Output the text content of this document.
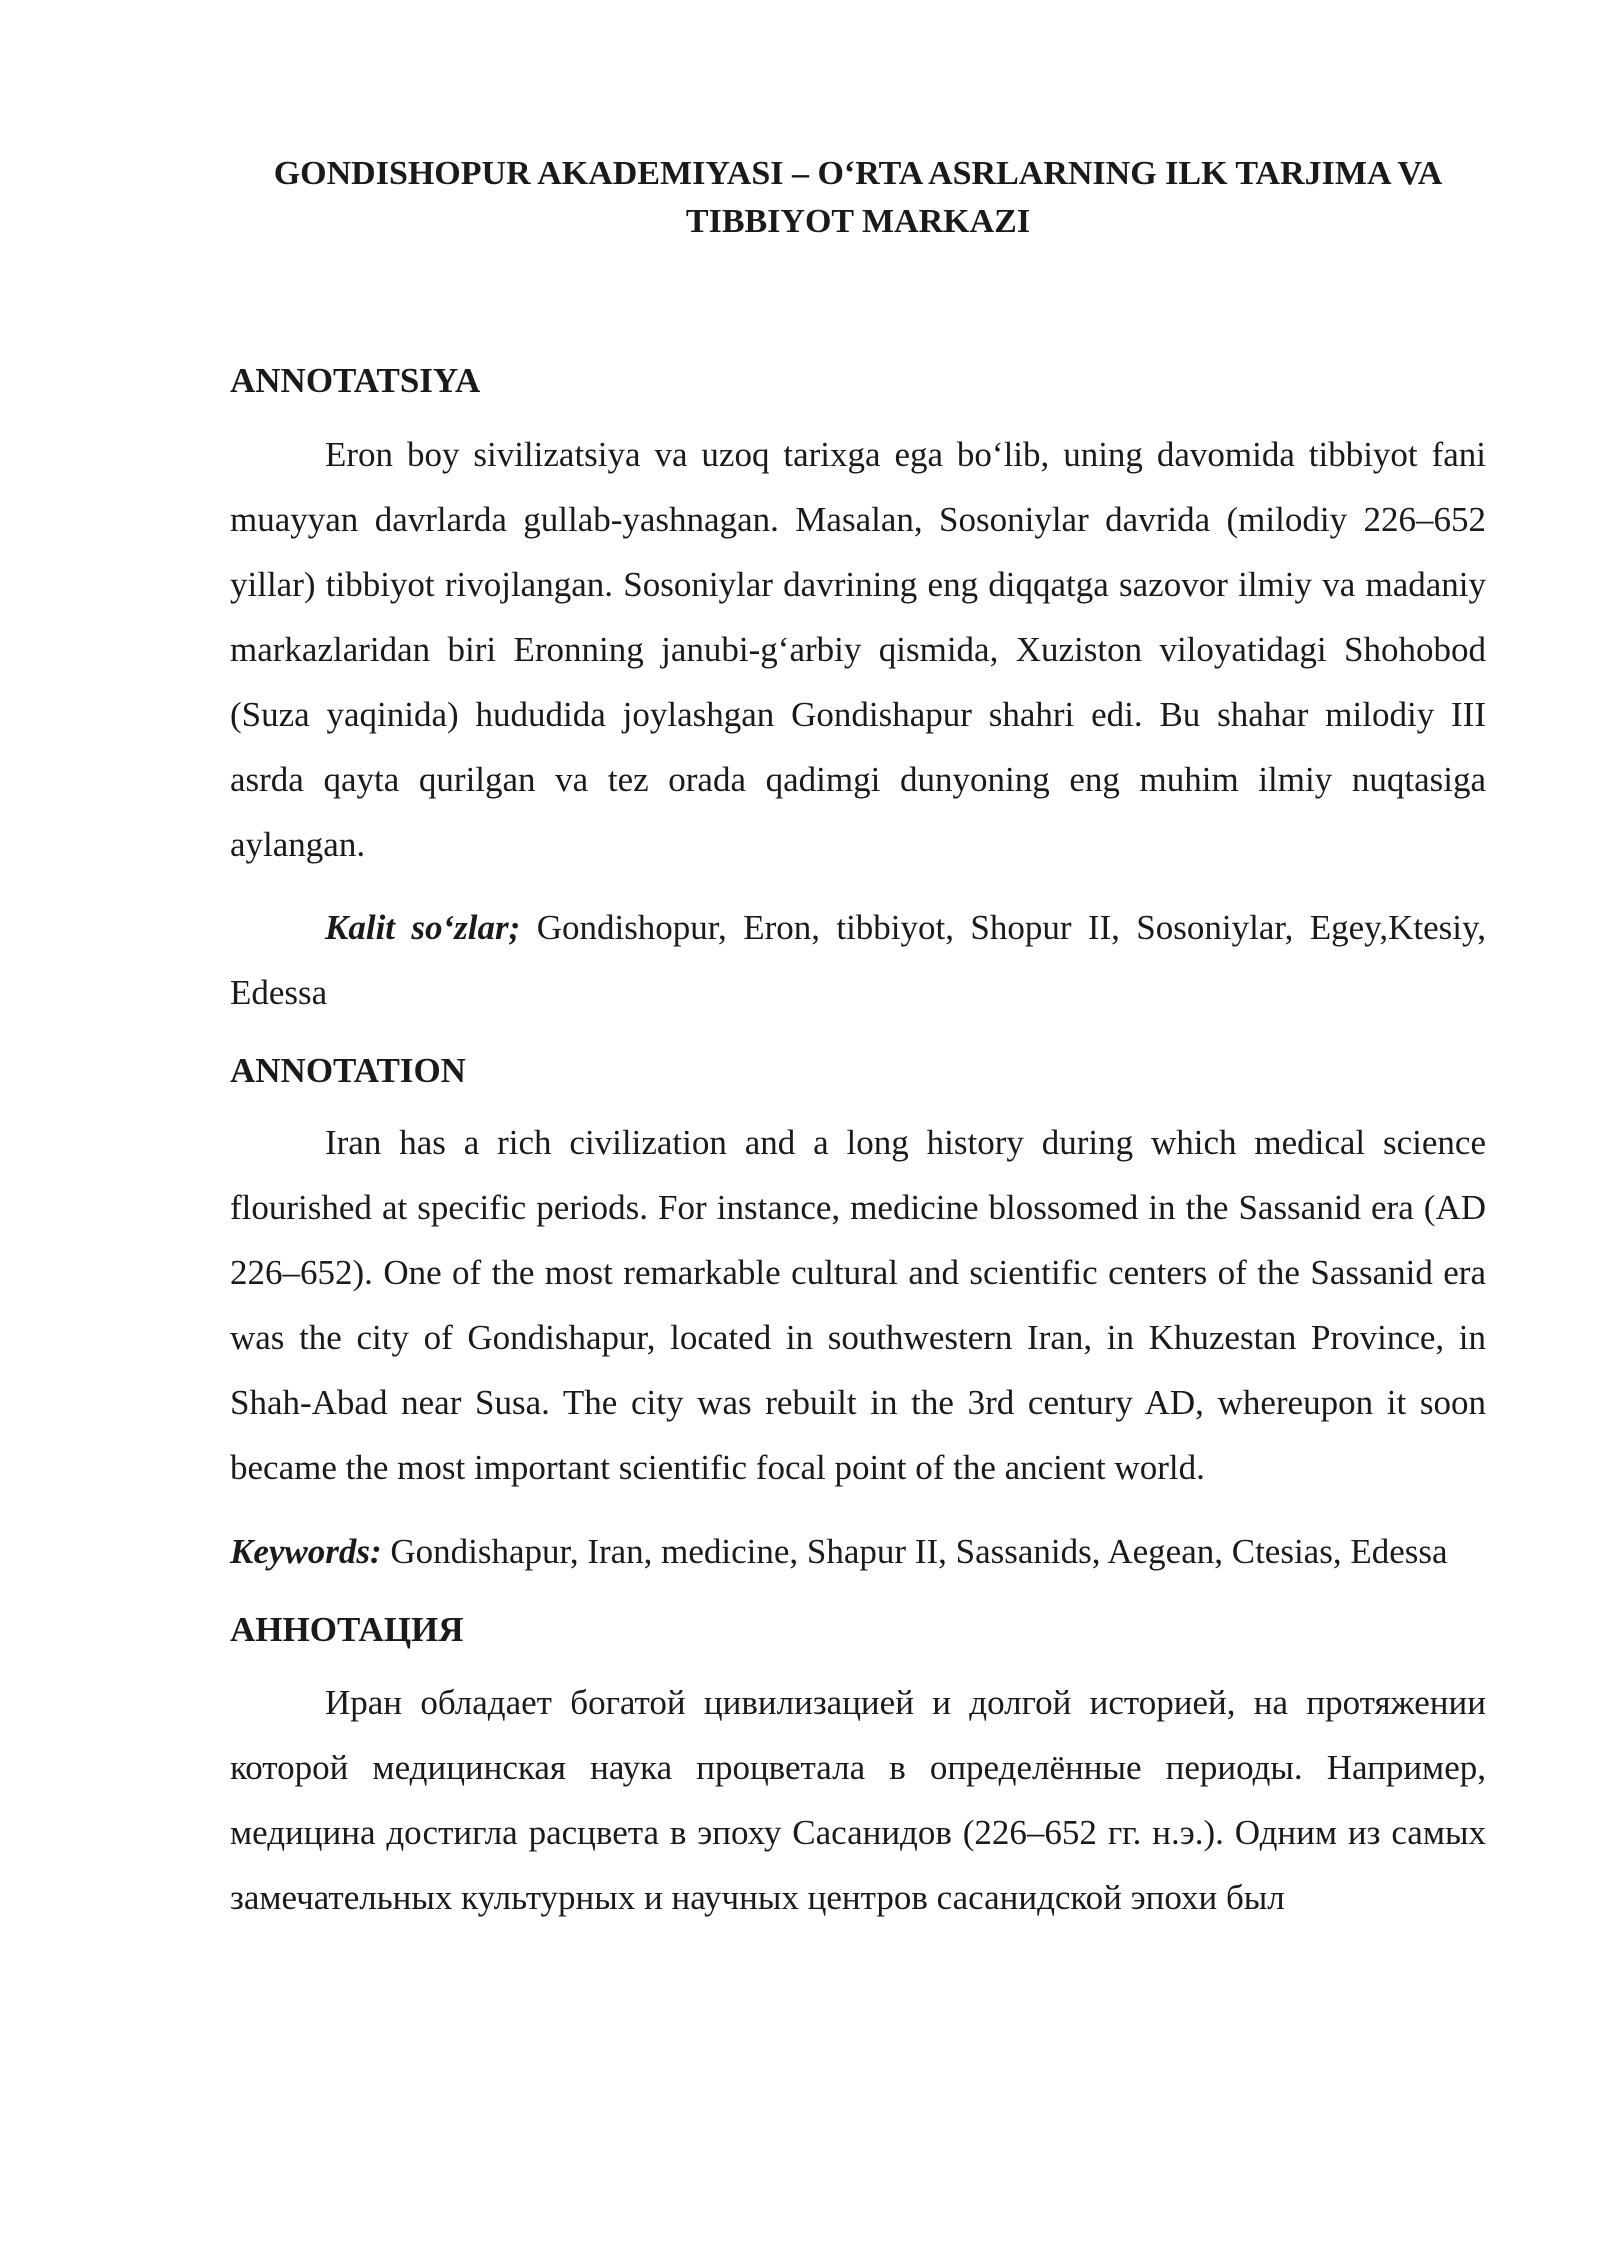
GONDISHOPUR AKADEMIYASI – O‘RTA ASRLARNING ILK TARJIMA VA TIBBIYOT MARKAZI
ANNOTATSIYA

Eron boy sivilizatsiya va uzoq tarixga ega bo‘lib, uning davomida tibbiyot fani muayyan davrlarda gullab-yashnagan. Masalan, Sosoniylar davrida (milodiy 226–652 yillar) tibbiyot rivojlangan. Sosoniylar davrining eng diqqatga sazovor ilmiy va madaniy markazlaridan biri Eronning janubi-g‘arbiy qismida, Xuziston viloyatidagi Shohobod (Suza yaqinida) hududida joylashgan Gondishapur shahri edi. Bu shahar milodiy III asrda qayta qurilgan va tez orada qadimgi dunyoning eng muhim ilmiy nuqtasiga aylangan.

Kalit so‘zlar; Gondishopur, Eron, tibbiyot, Shopur II, Sosoniylar, Egey,Ktesiy, Edessa

ANNOTATION

Iran has a rich civilization and a long history during which medical science flourished at specific periods. For instance, medicine blossomed in the Sassanid era (AD 226–652). One of the most remarkable cultural and scientific centers of the Sassanid era was the city of Gondishapur, located in southwestern Iran, in Khuzestan Province, in Shah-Abad near Susa. The city was rebuilt in the 3rd century AD, whereupon it soon became the most important scientific focal point of the ancient world.

Keywords: Gondishapur, Iran, medicine, Shapur II, Sassanids, Aegean, Ctesias, Edessa

АННОТАЦИЯ

Иран обладает богатой цивилизацией и долгой историей, на протяжении которой медицинская наука процветала в определённые периоды. Например, медицина достигла расцвета в эпоху Сасанидов (226–652 гг. н.э.). Одним из самых замечательных культурных и научных центров сасанидской эпохи был
